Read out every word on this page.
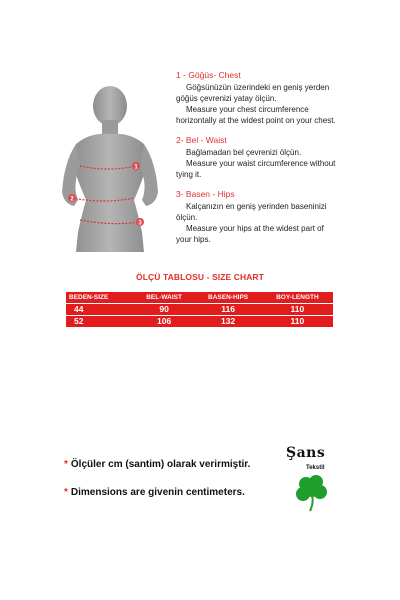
1
2
3
1 - Göğüs- Chest
Göğsünüzün üzerindeki en geniş yerden
göğüs çevrenizi yatay ölçün.
Measure your chest circumference
horizontally at the widest point on your chest.
2- Bel - Waist
Bağlamadan bel çevrenizi ölçün.
Measure your waist circumference without
tying it.
3- Basen - Hips
Kalçanızın en geniş yerinden baseninizi
ölçün.
Measure your hips at the widest part of
your hips.
ÖLÇÜ TABLOSU - SIZE CHART
BEDEN-SIZE	BEL-WAIST	BASEN-HIPS	BOY-LENGTH
44	90	116	110
52	106	132	110
* Ölçüler cm (santim) olarak verirmiştir.
* Dimensions are givenin centimeters.
Şans
Tekstil
